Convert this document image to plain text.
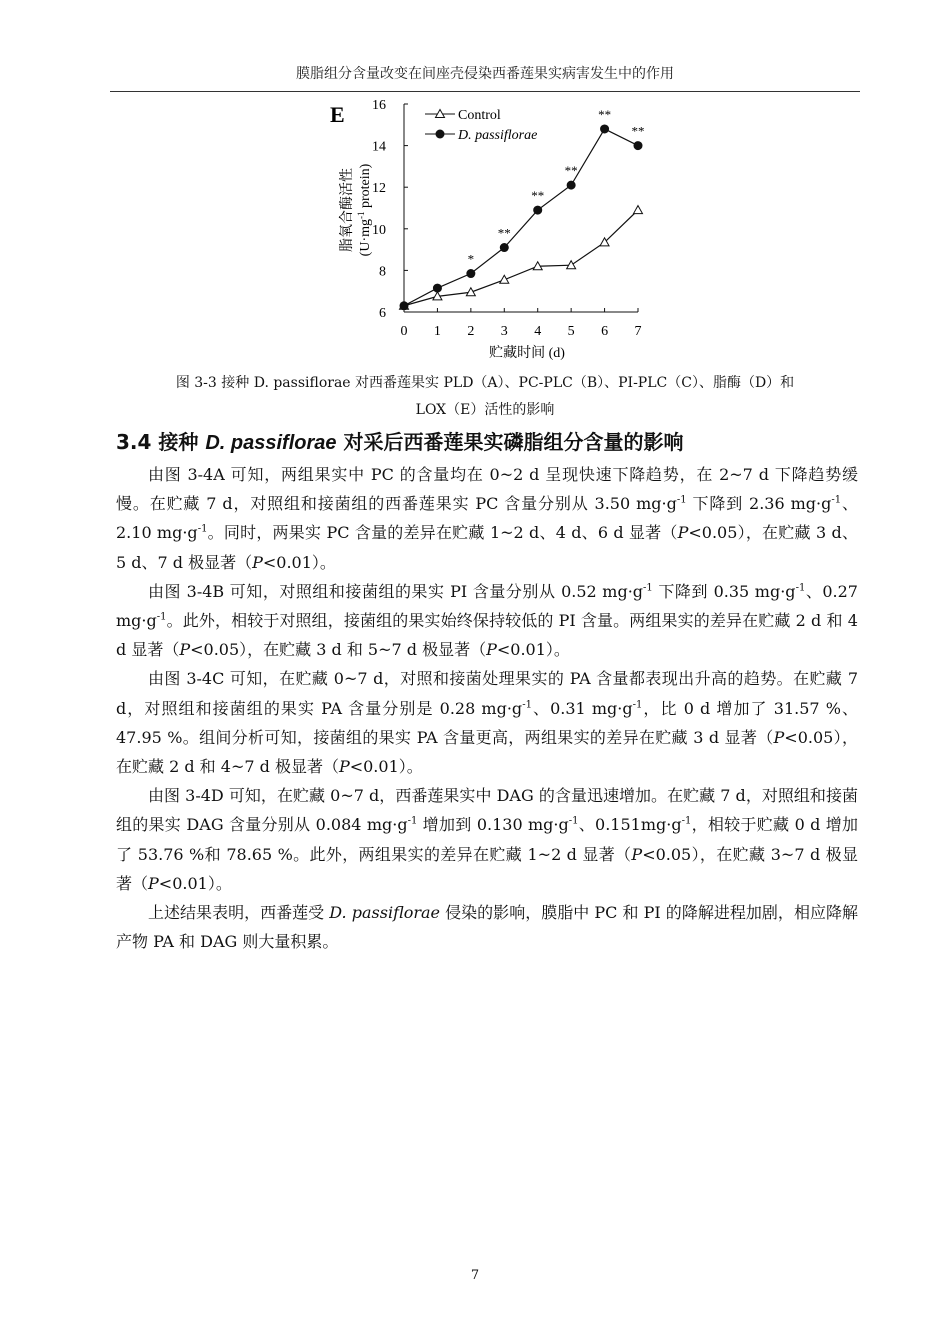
膜脂组分含量改变在间座壳侵染西番莲果实病害发生中的作用
E
6
8
10
12
14
16
0 1 2 3 4 5 6 7
*
**
**
**
**
**
Control
D. passiflorae
脂氧合酶活性 ($U\cdot mg^{-1}$ protein)
贮藏时间 (d)
图 3-3 接种 D. passiflorae 对西番莲果实 PLD（A）、PC-PLC（B）、PI-PLC（C）、脂酶（D）和
LOX（E）活性的影响
3.4 接种 D. passiflorae 对采后西番莲果实磷脂组分含量的影响

由图 3-4A 可知，两组果实中 PC 的含量均在 0~2 d 呈现快速下降趋势，在 2~7 d 下降趋势缓慢。在贮藏 7 d，对照组和接菌组的西番莲果实 PC 含量分别从 3.50 $mg\cdot g^{-1}$ 下降到 2.36 $mg\cdot g^{-1}$、2.10 $mg\cdot g^{-1}$。同时，两果实 PC 含量的差异在贮藏 1~2 d、4 d、6 d 显著（P<0.05），在贮藏 3 d、5 d、7 d 极显著（P<0.01）。

由图 3-4B 可知，对照组和接菌组的果实 PI 含量分别从 0.52 $mg\cdot g^{-1}$ 下降到 0.35 $mg\cdot g^{-1}$、0.27 $mg\cdot g^{-1}$。此外，相较于对照组，接菌组的果实始终保持较低的 PI 含量。两组果实的差异在贮藏 2 d 和 4 d 显著（P<0.05），在贮藏 3 d 和 5~7 d 极显著（P<0.01）。

由图 3-4C 可知，在贮藏 0~7 d，对照和接菌处理果实的 PA 含量都表现出升高的趋势。在贮藏 7 d，对照组和接菌组的果实 PA 含量分别是 0.28 $mg\cdot g^{-1}$、0.31 $mg\cdot g^{-1}$，比 0 d 增加了 31.57 %、47.95 %。组间分析可知，接菌组的果实 PA 含量更高，两组果实的差异在贮藏 3 d 显著（P<0.05），在贮藏 2 d 和 4~7 d 极显著（P<0.01）。

由图 3-4D 可知，在贮藏 0~7 d，西番莲果实中 DAG 的含量迅速增加。在贮藏 7 d，对照组和接菌组的果实 DAG 含量分别从 0.084 $mg\cdot g^{-1}$ 增加到 0.130 $mg\cdot g^{-1}$、$0.151mg\cdot g^{-1}$，相较于贮藏 0 d 增加了 53.76 %和 78.65 %。此外，两组果实的差异在贮藏 1~2 d 显著（P<0.05），在贮藏 3~7 d 极显著（P<0.01）。

上述结果表明，西番莲受 D. passiflorae 侵染的影响，膜脂中 PC 和 PI 的降解进程加剧，相应降解产物 PA 和 DAG 则大量积累。

7
